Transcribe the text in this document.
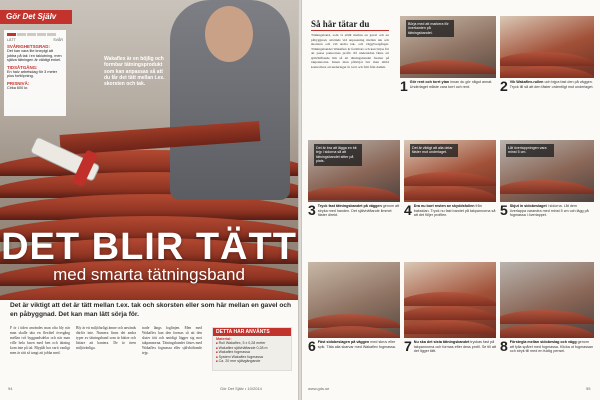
Gör Det Själv
LÄTT	SVÅR
SVÅRIGHETSGRAD:
Det kan vara lite knepigt att jobba på tak i en taklutning, men själva tätningen är väldigt enkel.
TIDSÅTGÅNG:
En halv arbetsdag för 3 meter plus fortlöpning.
PRISNIVÅ:
Cirka 600 kr.
Wakaflex är en böjlig och formbar tätningsprodukt som kan anpassas så att du får det tätt mellan t.ex. skorsten och tak.
DET BLIR TÄTT
med smarta tätningsband
Det är viktigt att det är tätt mellan t.ex. tak och skorsten eller som här mellan en gavel och en påbyggnad. Det kan man lätt sörja för.
F ör i tiden användes man ofta bly när man skulle täta en flexibel övergång mellan två byggnadsdelar och när man ville hela fasen med ben och tätning kom inte på tal. Blyplåt har varit vanligt men är rätt så tungt att jobba med.
Bly är ett miljöfarligt ämne och används därför inte. Numera finns det andra typer av tätningsband som är bättre och lättare att hantera. De är även miljövänliga.
trade längs foglinjen. Men med Wakaflex kan den formas så att den sluter tätt och smidigt lägger sig mot takpannorna. Tätningsbandet fästes med Wakaflex fogmassa eller självhäftande tejp.
DETTA HAR ANVÄNTS
Material:
■ Rull Wakaflex, 5 x 0,28 meter
■ Wakaflex självhäftande 0,28 m
■ Wakaflex fogmassa
■ System Wakaflex fogmassa
■ Ca. 20 mm självgängande
94	Gör Det Själv • 10/2014
Så här tätar du
Tätningsband, som vi ställt mellan en gavel och en påbyggnad, används vid anpassning mellan tak och skorsten och vid andra tak- och väggövergångar. Tätningsbandet Wakaflex är formbart och kan böjas för att passa pannornas profil. På undersidan finns ett självhäftande lim så att tätningsbandet fastnar på takpannorna. Innan man påbörjar bör man alltid kontrollera att underlaget är torrt och fritt från damm.
Börja med att markera för överkanten på tätningsbandet.
1 Gör rent och torrt ytan innan du gör något annat. Underlaget måste vara torrt och rent.	2 Vik Wakaflex-rullen och tejpa fast den på väggen. Tryck till så att den fäster ordentligt mot underlaget.
Det är bra att lägga en bit tejp i sidorna så att tätningsbandet sitter på plats.
3 Tryck fast tätningsbandet på väggen genom att stryka med handen. Det självhäftande limmet fäster direkt.
Det är viktigt att alla delar fäster mot underlaget.
4 Dra nu bort resten av skyddsfolien från baksidan. Tryck nu fast bandet på takpannorna så att det följer profilen.
Låt överlappningen vara minst 5 cm.
5 Skjut in sidobeslaget i sidorna. Låt dem överlappa varandra med minst 5 cm och lägg på fogmassa i överlappet.
6 Fäst sidobeslagen på väggen med skruv eller spik. Täta alla skarvar med Wakaflex fogmassa. 7 Nu ska det sista tätningsbandet tryckas fast på takpannorna och formas efter dess profil. Se till att det ligger tätt.	8 Förstegla mellan sidobeslag och vägg genom att fylla spåret med fogmassa. Klicka ut fogmassan och stryk till med en fuktig pensel.
www.gds.se	95
